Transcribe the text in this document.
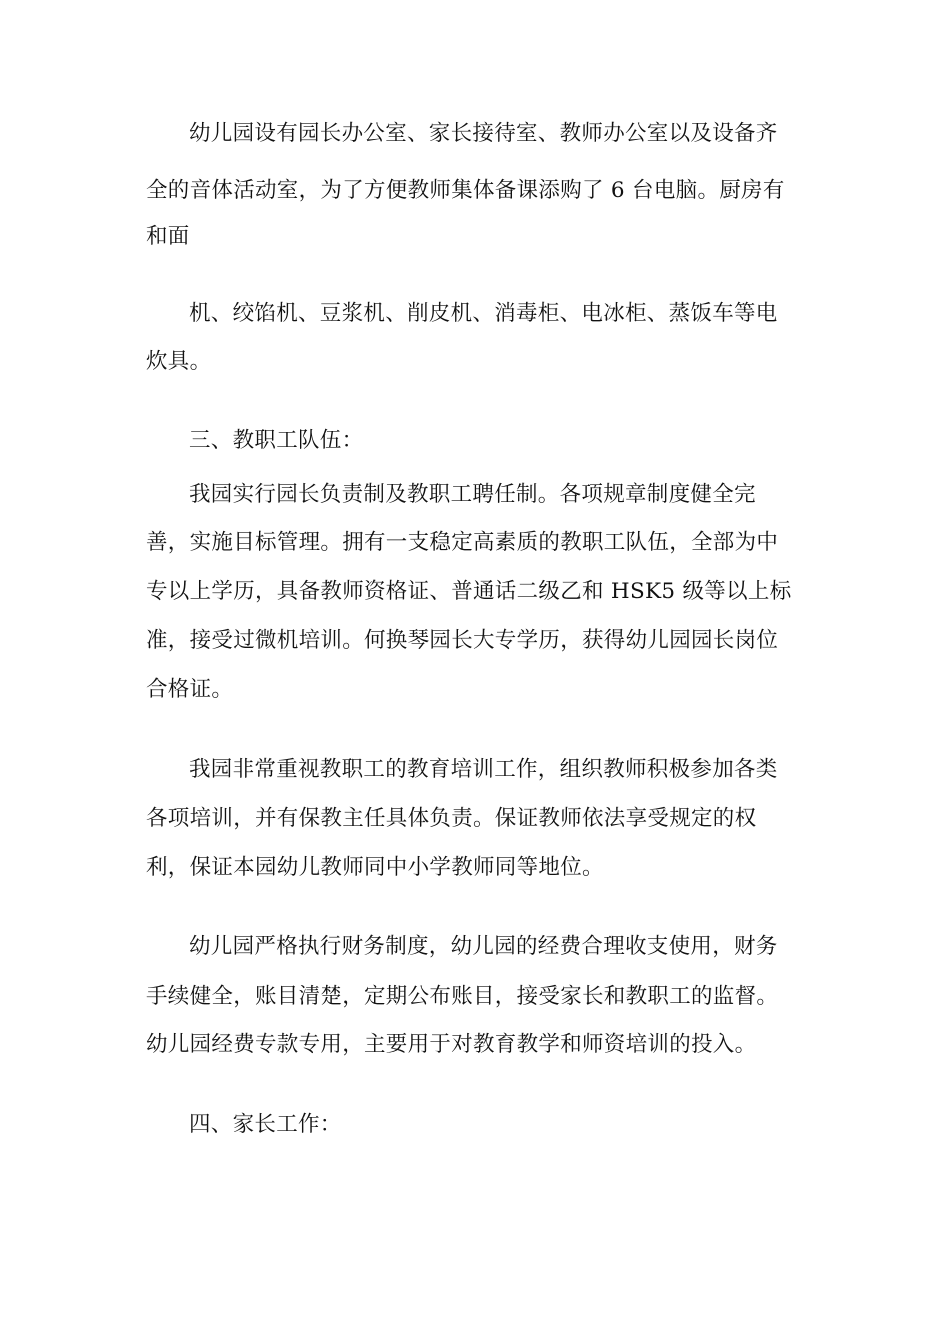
幼儿园设有园长办公室、家长接待室、教师办公室以及设备齐
全的音体活动室，为了方便教师集体备课添购了 6 台电脑。厨房有
和面
机、绞馅机、豆浆机、削皮机、消毒柜、电冰柜、蒸饭车等电
炊具。
三、教职工队伍：
我园实行园长负责制及教职工聘任制。各项规章制度健全完
善，实施目标管理。拥有一支稳定高素质的教职工队伍，全部为中
专以上学历，具备教师资格证、普通话二级乙和 HSK5 级等以上标
准，接受过微机培训。何换琴园长大专学历，获得幼儿园园长岗位
合格证。
我园非常重视教职工的教育培训工作，组织教师积极参加各类
各项培训，并有保教主任具体负责。保证教师依法享受规定的权
利，保证本园幼儿教师同中小学教师同等地位。
幼儿园严格执行财务制度，幼儿园的经费合理收支使用，财务
手续健全，账目清楚，定期公布账目，接受家长和教职工的监督。
幼儿园经费专款专用，主要用于对教育教学和师资培训的投入。
四、家长工作：
